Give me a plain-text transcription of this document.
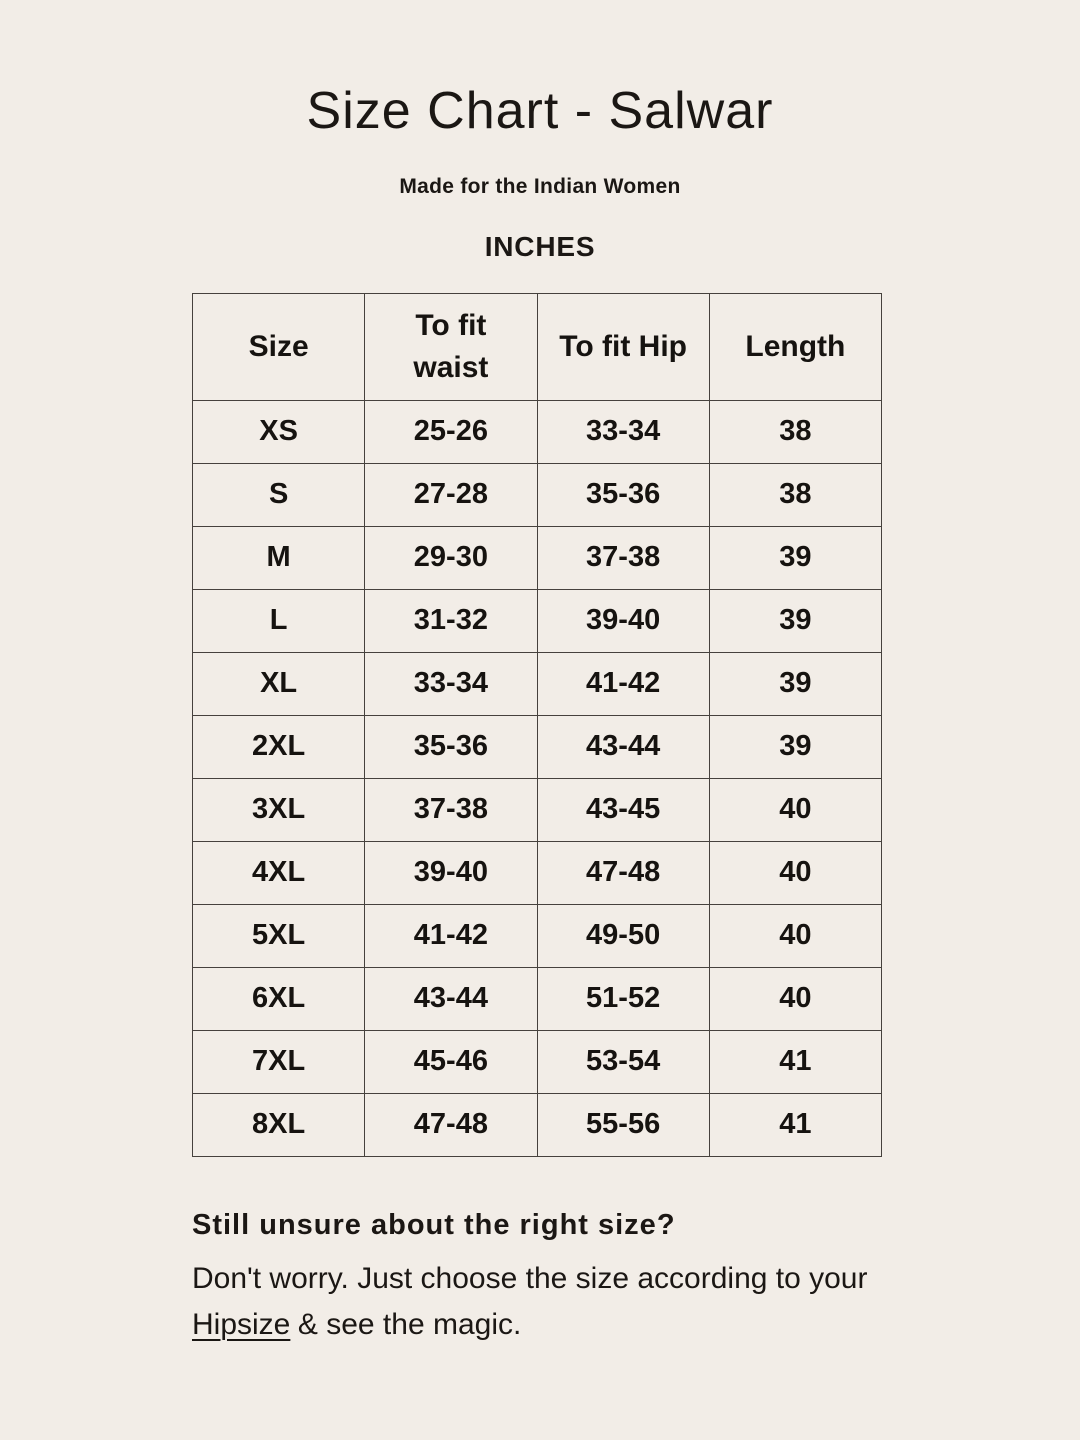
Size Chart - Salwar

Made for the Indian Women

INCHES

Size	To fit waist	To fit Hip	Length
XS	25-26	33-34	38
S	27-28	35-36	38
M	29-30	37-38	39
L	31-32	39-40	39
XL	33-34	41-42	39
2XL	35-36	43-44	39
3XL	37-38	43-45	40
4XL	39-40	47-48	40
5XL	41-42	49-50	40
6XL	43-44	51-52	40
7XL	45-46	53-54	41
8XL	47-48	55-56	41

Still unsure about the right size?

Don't worry. Just choose the size according to your
Hipsize & see the magic.
